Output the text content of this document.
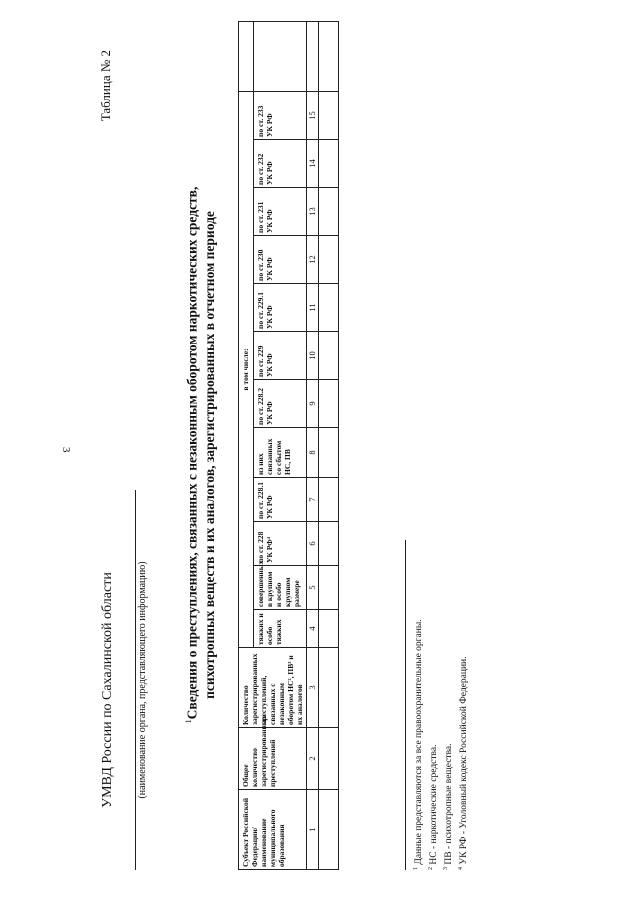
3
УМВД России по Сахалинской области (наименование органа, представляющего информацию)
Таблица № 2
$^1$Сведения о преступлениях, связанных с незаконным оборотом наркотических средств, психотропных веществ и их аналогов, зарегистрированных в отчетном периоде
Субъект Российской Федерации/ наименование муниципального образования	Общее количество зарегистрированных преступлений	Количество зарегистрированных преступлений, связанных с незаконным оборотом НС², ПВ³ и их аналогов	в том числе:												
			тяжких и особо тяжких	совершенных в крупном и особо крупном размере	по ст. 228 УК РФ⁴	по ст. 228.1 УК РФ	из них связанных со сбытом НС, ПВ	по ст. 228.2 УК РФ	по ст. 229 УК РФ	по ст. 229.1 УК РФ	по ст. 230 УК РФ	по ст. 231 УК РФ	по ст. 232 УК РФ	по ст. 233 УК РФ	
1	2	3	4	5	6	7	8	9	10	11	12	13	14	15	

$^1$ Данные представляются за все правоохранительные органы.
$^2$ НС - наркотические средства.
$^3$ ПВ - психотропные вещества.
$^4$ УК РФ - Уголовный кодекс Российской Федерации.
